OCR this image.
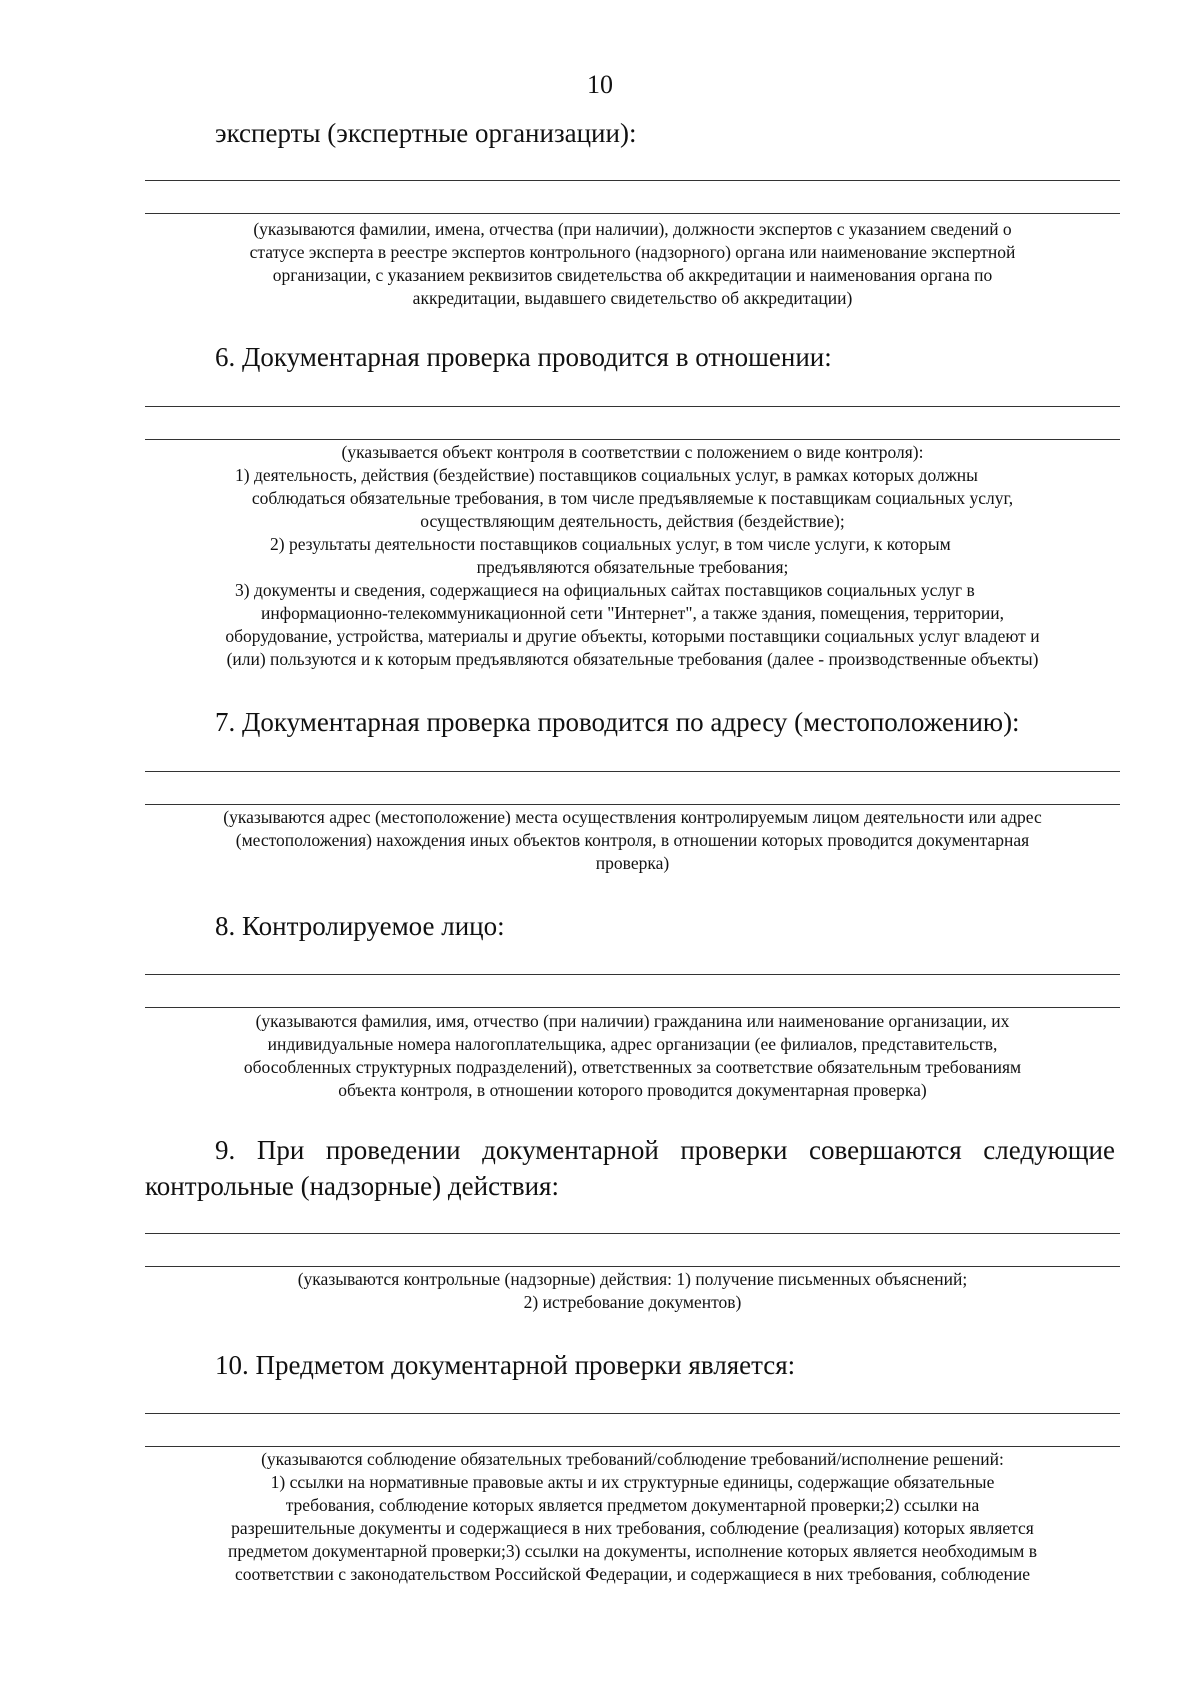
10
эксперты (экспертные организации):
(указываются фамилии, имена, отчества (при наличии), должности экспертов с указанием сведений о
статусе эксперта в реестре экспертов контрольного (надзорного) органа или наименование экспертной
организации, с указанием реквизитов свидетельства об аккредитации и наименования органа по
аккредитации, выдавшего свидетельство об аккредитации)
6. Документарная проверка проводится в отношении:
(указывается объект контроля в соответствии с положением о виде контроля):
1) деятельность, действия (бездействие) поставщиков социальных услуг, в рамках которых должны
соблюдаться обязательные требования, в том числе предъявляемые к поставщикам социальных услуг,
осуществляющим деятельность, действия (бездействие);
2) результаты деятельности поставщиков социальных услуг, в том числе услуги, к которым
предъявляются обязательные требования;
3) документы и сведения, содержащиеся на официальных сайтах поставщиков социальных услуг в
информационно-телекоммуникационной сети "Интернет", а также здания, помещения, территории,
оборудование, устройства, материалы и другие объекты, которыми поставщики социальных услуг владеют и
(или) пользуются и к которым предъявляются обязательные требования (далее - производственные объекты)
7. Документарная проверка проводится по адресу (местоположению):
(указываются адрес (местоположение) места осуществления контролируемым лицом деятельности или адрес
(местоположения) нахождения иных объектов контроля, в отношении которых проводится документарная
проверка)
8. Контролируемое лицо:
(указываются фамилия, имя, отчество (при наличии) гражданина или наименование организации, их
индивидуальные номера налогоплательщика, адрес организации (ее филиалов, представительств,
обособленных структурных подразделений), ответственных за соответствие обязательным требованиям
объекта контроля, в отношении которого проводится документарная проверка)
9. При проведении документарной проверки совершаются следующие контрольные (надзорные) действия:
(указываются контрольные (надзорные) действия: 1) получение письменных объяснений;
2) истребование документов)
10. Предметом документарной проверки является:
(указываются соблюдение обязательных требований/соблюдение требований/исполнение решений:
1) ссылки на нормативные правовые акты и их структурные единицы, содержащие обязательные
требования, соблюдение которых является предметом документарной проверки;2) ссылки на
разрешительные документы и содержащиеся в них требования, соблюдение (реализация) которых является
предметом документарной проверки;3) ссылки на документы, исполнение которых является необходимым в
соответствии с законодательством Российской Федерации, и содержащиеся в них требования, соблюдение
